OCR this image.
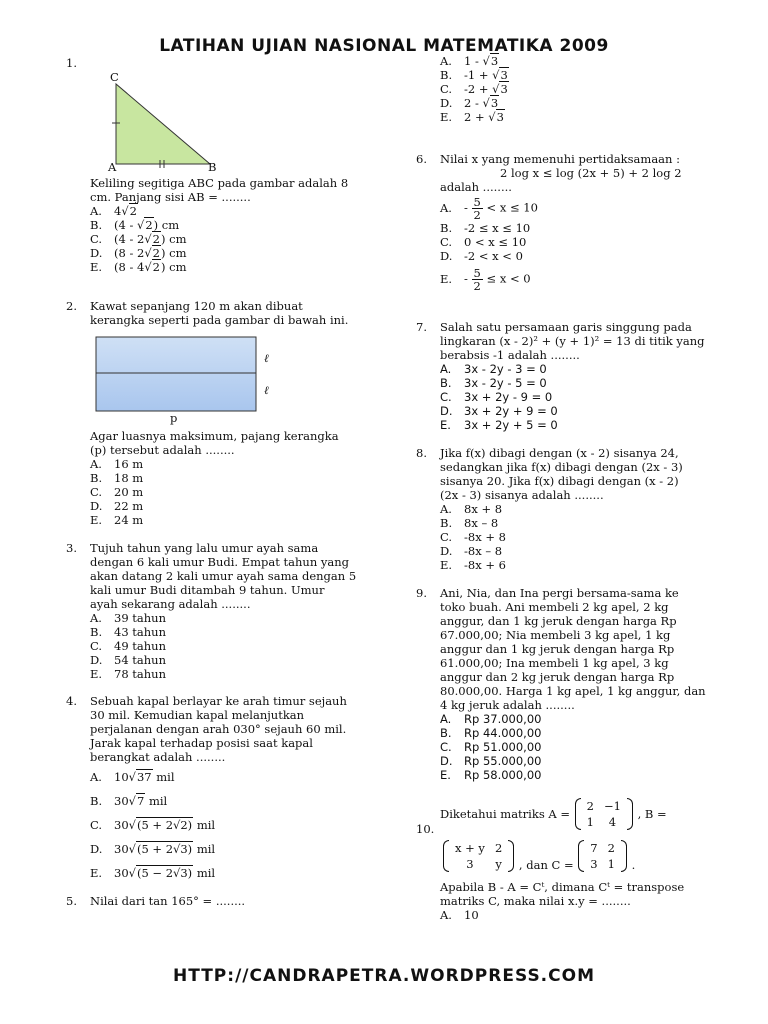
LATIHAN UJIAN NASIONAL MATEMATIKA 2009
1.
C
A	B
Keliling segitiga ABC pada gambar adalah 8
cm. Panjang sisi AB = ........
A. 4√2
B. (4 - √2) cm
C. (4 - 2√2) cm
D. (8 - 2√2) cm
E. (8 - 4√2) cm
2. Kawat sepanjang 120 m akan dibuat
kerangka seperti pada gambar di bawah ini.
ℓ
ℓ
p
Agar luasnya maksimum, pajang kerangka
(p) tersebut adalah ........
A. 16 m
B. 18 m
C. 20 m
D. 22 m
E. 24 m
3. Tujuh tahun yang lalu umur ayah sama
dengan 6 kali umur Budi. Empat tahun yang
akan datang 2 kali umur ayah sama dengan 5
kali umur Budi ditambah 9 tahun. Umur
ayah sekarang adalah ........
A. 39 tahun
B. 43 tahun
C. 49 tahun
D. 54 tahun
E. 78 tahun
4. Sebuah kapal berlayar ke arah timur sejauh
30 mil. Kemudian kapal melanjutkan
perjalanan dengan arah 030° sejauh 60 mil.
Jarak kapal terhadap posisi saat kapal
berangkat adalah ........
A. 10√37 mil
B. 30√7 mil
C. 30√(5 + 2√2) mil
D. 30√(5 + 2√3) mil
E. 30√(5 − 2√3) mil
5. Nilai dari tan 165° = ........
A. 1 - √3
B. -1 + √3
C. -2 + √3
D. 2 - √3
E. 2 + √3
6. Nilai x yang memenuhi pertidaksamaan :
2 log x ≤ log (2x + 5) + 2 log 2
adalah ........
A. - $\frac{5}{2} < x \le 10$
B. -2 ≤ x ≤ 10
C. 0 < x ≤ 10
D. -2 < x < 0
E. - $\frac{5}{2} \le x < 0$
7. Salah satu persamaan garis singgung pada
lingkaran (x - 2)² + (y + 1)² = 13 di titik yang
berabsis -1 adalah ........
A. 3x - 2y - 3 = 0
B. 3x - 2y - 5 = 0
C. 3x + 2y - 9 = 0
D. 3x + 2y + 9 = 0
E. 3x + 2y + 5 = 0
8. Jika f(x) dibagi dengan (x - 2) sisanya 24,
sedangkan jika f(x) dibagi dengan (2x - 3)
sisanya 20. Jika f(x) dibagi dengan (x - 2)
(2x - 3) sisanya adalah ........
A. 8x + 8
B. 8x – 8
C. -8x + 8
D. -8x – 8
E. -8x + 6
9. Ani, Nia, dan Ina pergi bersama-sama ke
toko buah. Ani membeli 2 kg apel, 2 kg
anggur, dan 1 kg jeruk dengan harga Rp
67.000,00; Nia membeli 3 kg apel, 1 kg
anggur dan 1 kg jeruk dengan harga Rp
61.000,00; Ina membeli 1 kg apel, 3 kg
anggur dan 2 kg jeruk dengan harga Rp
80.000,00. Harga 1 kg apel, 1 kg anggur, dan
4 kg jeruk adalah ........
A. Rp 37.000,00
B. Rp 44.000,00
C. Rp 51.000,00
D. Rp 55.000,00
E. Rp 58.000,00
10.
Diketahui matriks A =
2	−1
1	4
, B =
x + y	2
3	y , dan C =
7	2
3	1 .
Apabila B - A = Cᵗ, dimana Cᵗ = transpose
matriks C, maka nilai x.y = ........
A. 10
HTTP://CANDRAPETRA.WORDPRESS.COM
